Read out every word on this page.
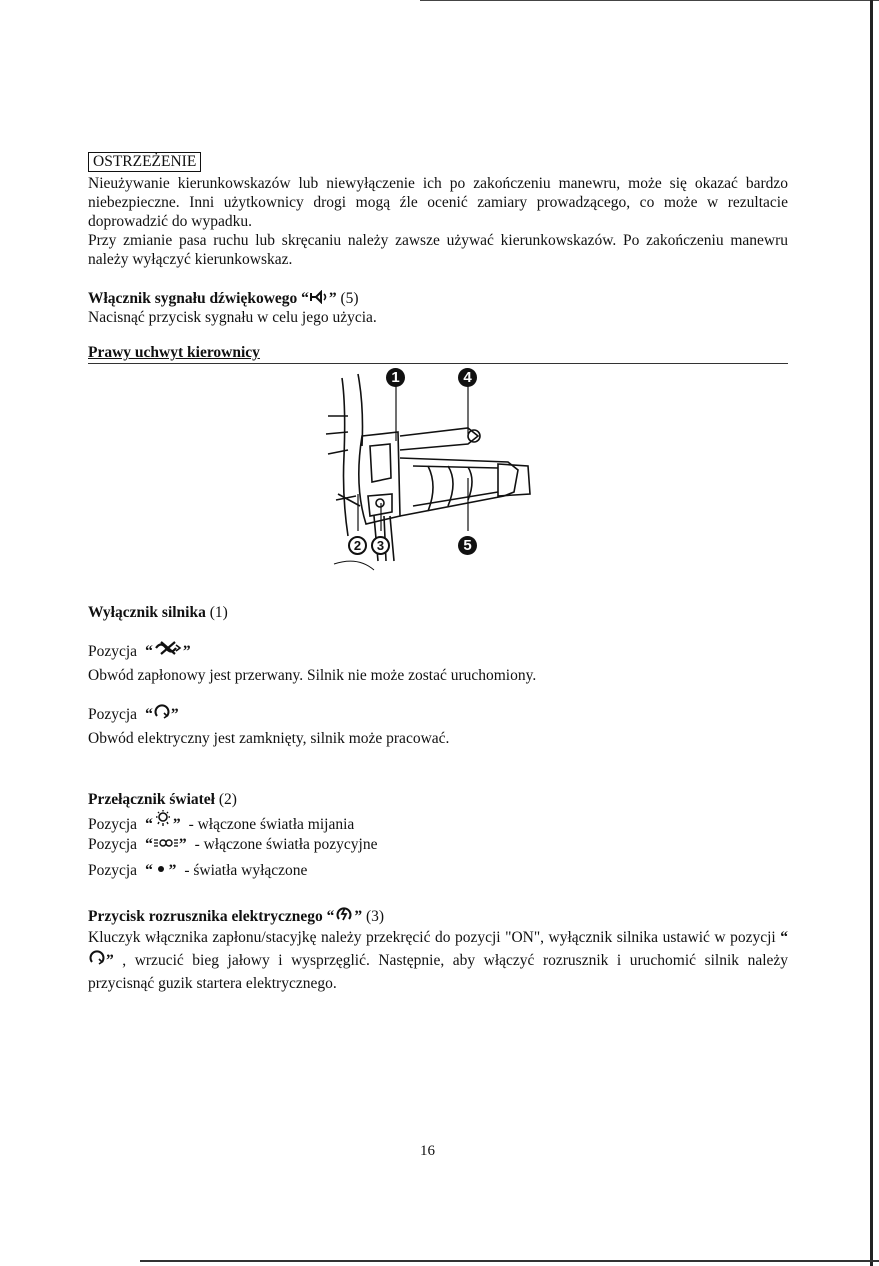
OSTRZEŻENIE

Nieużywanie kierunkowskazów lub niewyłączenie ich po zakończeniu manewru, może się okazać bardzo niebezpieczne. Inni użytkownicy drogi mogą źle ocenić zamiary prowadzącego, co może w rezultacie doprowadzić do wypadku.

Przy zmianie pasa ruchu lub skręcaniu należy zawsze używać kierunkowskazów. Po zakończeniu manewru należy wyłączyć kierunkowskaz.

Włącznik sygnału dźwiękowego “ ” (5)

Nacisnąć przycisk sygnału w celu jego użycia.

Prawy uchwyt kierownicy
1	4
2	3	5
Wyłącznik silnika (1)
Pozycja “ ”

Obwód zapłonowy jest przerwany. Silnik nie może zostać uruchomiony.

Pozycja “ ”

Obwód elektryczny jest zamknięty, silnik może pracować.

Przełącznik świateł (2)
Pozycja “ ” - włączone światła mijania
Pozycja “ ” - włączone światła pozycyjne
Pozycja “  ” - światła wyłączone
Przycisk rozrusznika elektrycznego “ ” (3)

Kluczyk włącznika zapłonu/stacyjkę należy przekręcić do pozycji "ON", wyłącznik silnika ustawić w pozycji “” , wrzucić bieg jałowy i wysprzęglić. Następnie, aby włączyć rozrusznik i uruchomić silnik należy przycisnąć guzik startera elektrycznego.

16
